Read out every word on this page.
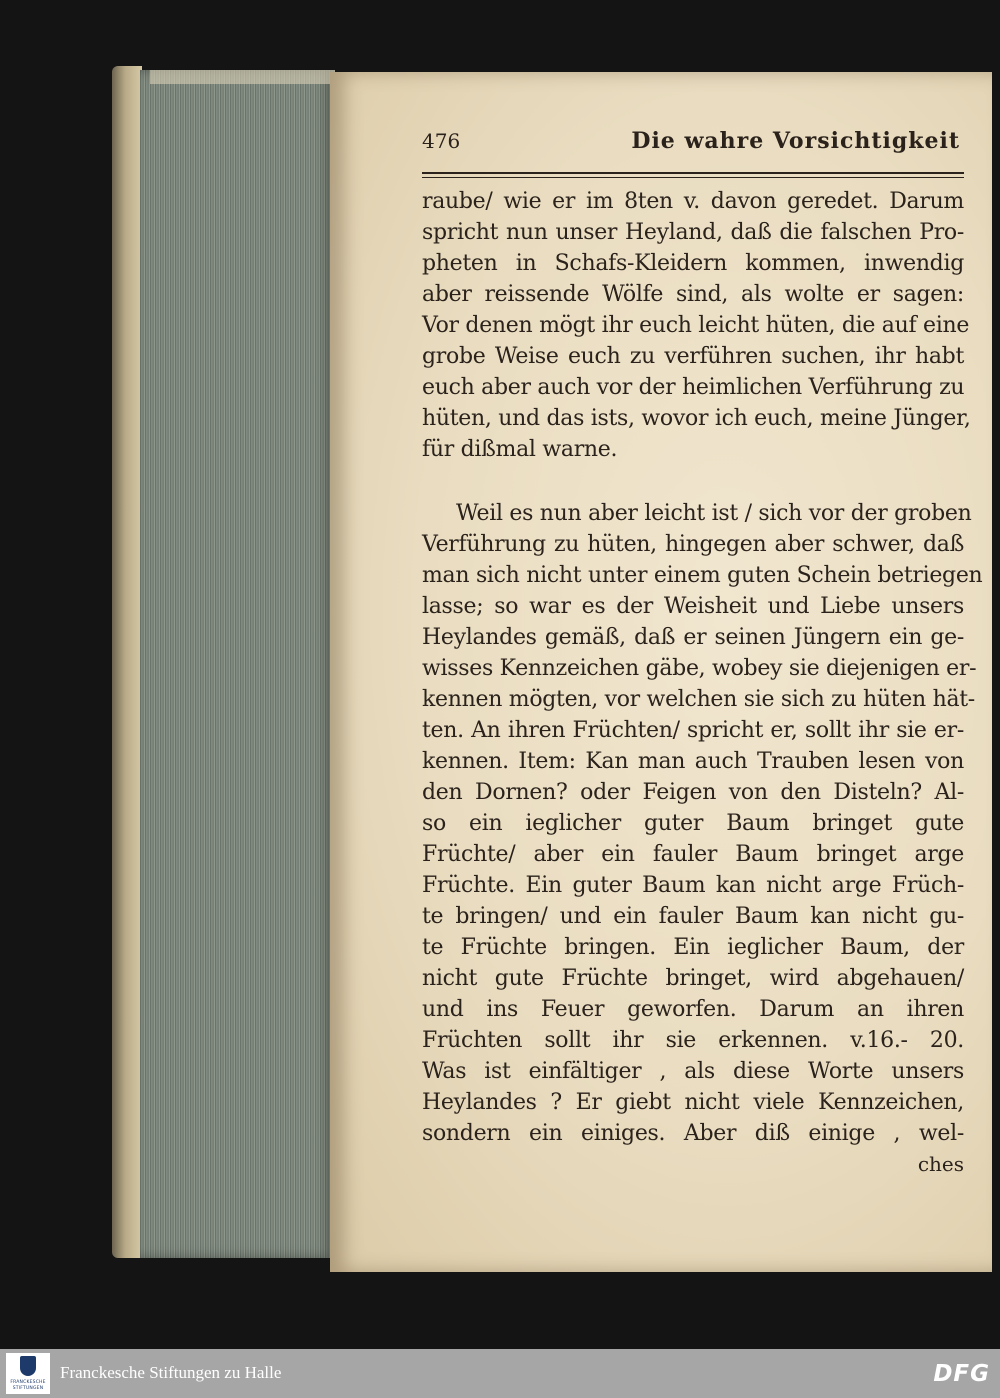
476	Die wahre Vorsichtigkeit
raube/ wie er im 8ten v. davon geredet. Darum
spricht nun unser Heyland, daß die falschen Pro-
pheten in Schafs-Kleidern kommen, inwendig
aber reissende Wölfe sind, als wolte er sagen:
Vor denen mögt ihr euch leicht hüten, die auf eine
grobe Weise euch zu verführen suchen, ihr habt
euch aber auch vor der heimlichen Verführung zu
hüten, und das ists, wovor ich euch, meine Jünger,
für dißmal warne.
Weil es nun aber leicht ist / sich vor der groben
Verführung zu hüten, hingegen aber schwer, daß
man sich nicht unter einem guten Schein betriegen
lasse; so war es der Weisheit und Liebe unsers
Heylandes gemäß, daß er seinen Jüngern ein ge-
wisses Kennzeichen gäbe, wobey sie diejenigen er-
kennen mögten, vor welchen sie sich zu hüten hät-
ten. An ihren Früchten/ spricht er, sollt ihr sie er-
kennen. Item: Kan man auch Trauben lesen von
den Dornen? oder Feigen von den Disteln? Al-
so ein ieglicher guter Baum bringet gute
Früchte/ aber ein fauler Baum bringet arge
Früchte. Ein guter Baum kan nicht arge Früch-
te bringen/ und ein fauler Baum kan nicht gu-
te Früchte bringen. Ein ieglicher Baum, der
nicht gute Früchte bringet, wird abgehauen/
und ins Feuer geworfen. Darum an ihren
Früchten sollt ihr sie erkennen. v.16.- 20.
Was ist einfältiger , als diese Worte unsers
Heylandes ? Er giebt nicht viele Kennzeichen,
sondern ein einiges. Aber diß einige , wel-
ches
FRANCKESCHE
STIFTUNGEN
Franckesche Stiftungen zu Halle	DFG
